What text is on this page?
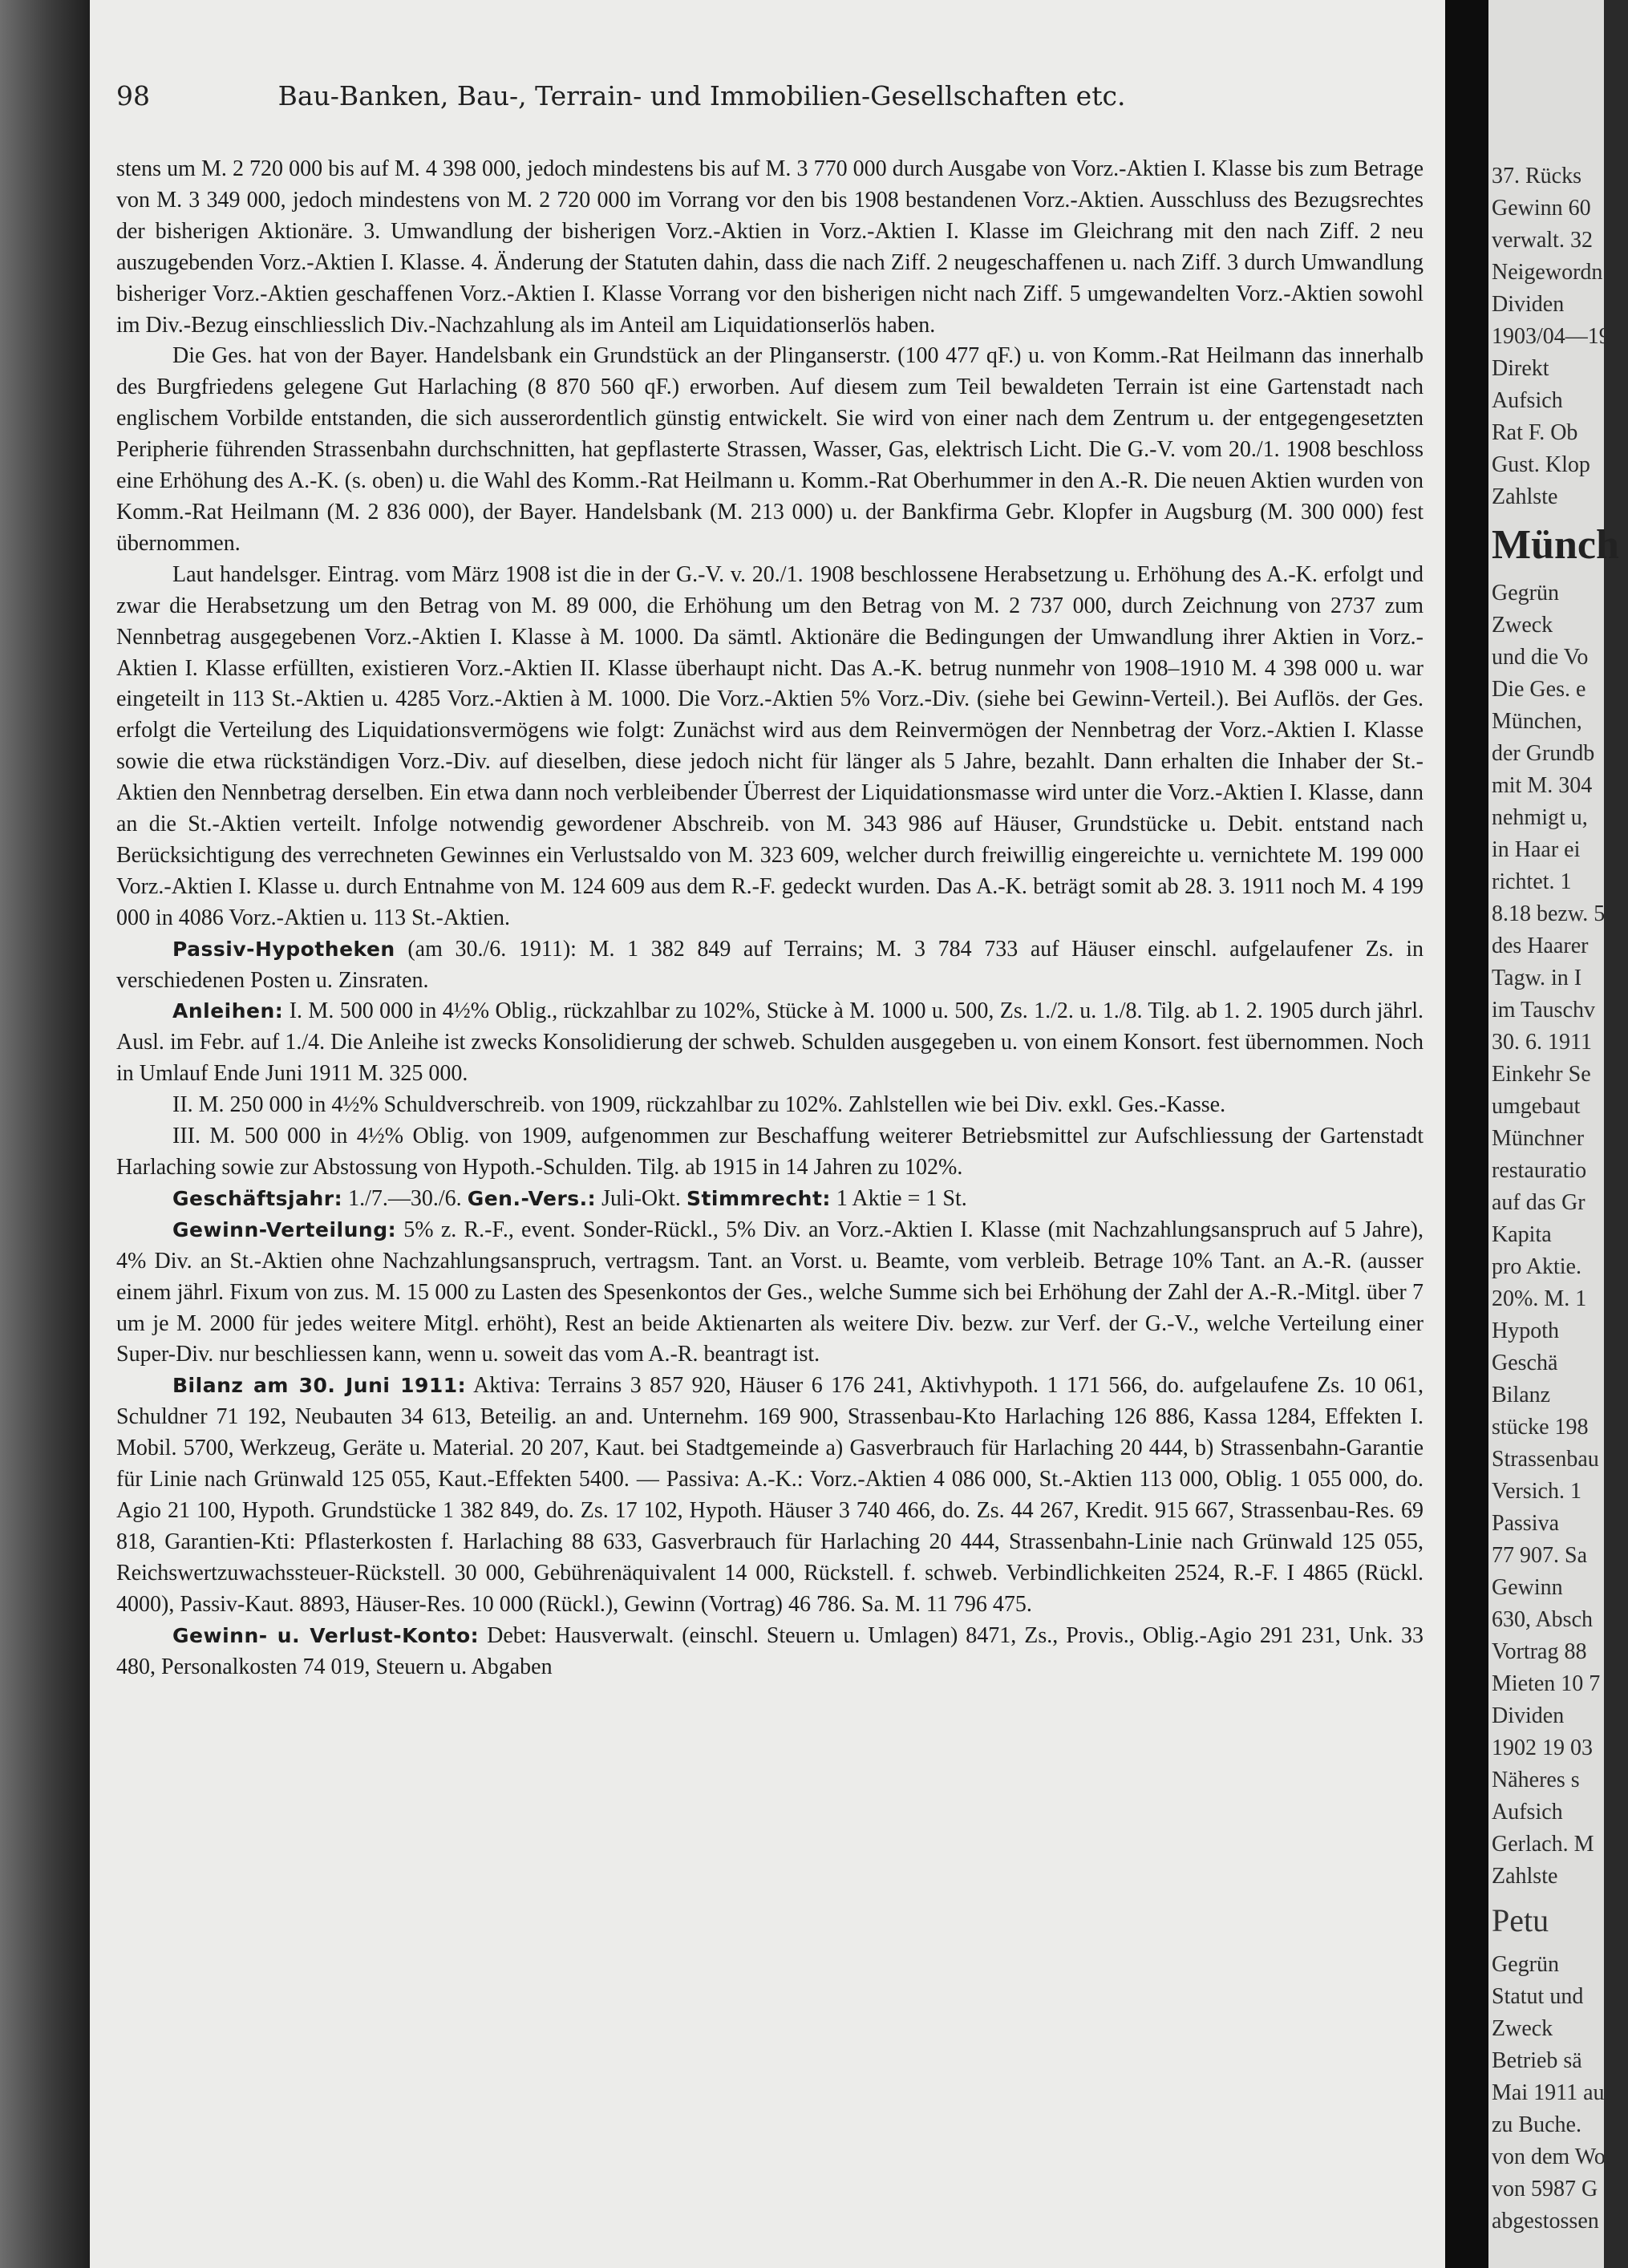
98	Bau-Banken, Bau-, Terrain- und Immobilien-Gesellschaften etc.

stens um M. 2 720 000 bis auf M. 4 398 000, jedoch mindestens bis auf M. 3 770 000 durch Ausgabe von Vorz.-Aktien I. Klasse bis zum Betrage von M. 3 349 000, jedoch mindestens von M. 2 720 000 im Vorrang vor den bis 1908 bestandenen Vorz.-Aktien. Ausschluss des Bezugsrechtes der bisherigen Aktionäre. 3. Umwandlung der bisherigen Vorz.-Aktien in Vorz.-Aktien I. Klasse im Gleichrang mit den nach Ziff. 2 neu auszugebenden Vorz.-Aktien I. Klasse. 4. Änderung der Statuten dahin, dass die nach Ziff. 2 neugeschaffenen u. nach Ziff. 3 durch Umwandlung bisheriger Vorz.-Aktien geschaffenen Vorz.-Aktien I. Klasse Vorrang vor den bisherigen nicht nach Ziff. 5 umgewandelten Vorz.-Aktien sowohl im Div.-Bezug einschliesslich Div.-Nachzahlung als im Anteil am Liquidationserlös haben.

Die Ges. hat von der Bayer. Handelsbank ein Grundstück an der Plinganserstr. (100 477 qF.) u. von Komm.-Rat Heilmann das innerhalb des Burgfriedens gelegene Gut Harlaching (8 870 560 qF.) erworben. Auf diesem zum Teil bewaldeten Terrain ist eine Gartenstadt nach englischem Vorbilde entstanden, die sich ausserordentlich günstig entwickelt. Sie wird von einer nach dem Zentrum u. der entgegengesetzten Peripherie führenden Strassenbahn durchschnitten, hat gepflasterte Strassen, Wasser, Gas, elektrisch Licht. Die G.-V. vom 20./1. 1908 beschloss eine Erhöhung des A.-K. (s. oben) u. die Wahl des Komm.-Rat Heilmann u. Komm.-Rat Oberhummer in den A.-R. Die neuen Aktien wurden von Komm.-Rat Heilmann (M. 2 836 000), der Bayer. Handelsbank (M. 213 000) u. der Bankfirma Gebr. Klopfer in Augsburg (M. 300 000) fest übernommen.

Laut handelsger. Eintrag. vom März 1908 ist die in der G.-V. v. 20./1. 1908 beschlossene Herabsetzung u. Erhöhung des A.-K. erfolgt und zwar die Herabsetzung um den Betrag von M. 89 000, die Erhöhung um den Betrag von M. 2 737 000, durch Zeichnung von 2737 zum Nennbetrag ausgegebenen Vorz.-Aktien I. Klasse à M. 1000. Da sämtl. Aktionäre die Bedingungen der Umwandlung ihrer Aktien in Vorz.-Aktien I. Klasse erfüllten, existieren Vorz.-Aktien II. Klasse überhaupt nicht. Das A.-K. betrug nunmehr von 1908–1910 M. 4 398 000 u. war eingeteilt in 113 St.-Aktien u. 4285 Vorz.-Aktien à M. 1000. Die Vorz.-Aktien 5% Vorz.-Div. (siehe bei Gewinn-Verteil.). Bei Auflös. der Ges. erfolgt die Verteilung des Liquidationsvermögens wie folgt: Zunächst wird aus dem Reinvermögen der Nennbetrag der Vorz.-Aktien I. Klasse sowie die etwa rückständigen Vorz.-Div. auf dieselben, diese jedoch nicht für länger als 5 Jahre, bezahlt. Dann erhalten die Inhaber der St.-Aktien den Nennbetrag derselben. Ein etwa dann noch verbleibender Überrest der Liquidationsmasse wird unter die Vorz.-Aktien I. Klasse, dann an die St.-Aktien verteilt. Infolge notwendig gewordener Abschreib. von M. 343 986 auf Häuser, Grundstücke u. Debit. entstand nach Berücksichtigung des verrechneten Gewinnes ein Verlustsaldo von M. 323 609, welcher durch freiwillig eingereichte u. vernichtete M. 199 000 Vorz.-Aktien I. Klasse u. durch Entnahme von M. 124 609 aus dem R.-F. gedeckt wurden. Das A.-K. beträgt somit ab 28. 3. 1911 noch M. 4 199 000 in 4086 Vorz.-Aktien u. 113 St.-Aktien.

Passiv-Hypotheken (am 30./6. 1911): M. 1 382 849 auf Terrains; M. 3 784 733 auf Häuser einschl. aufgelaufener Zs. in verschiedenen Posten u. Zinsraten.

Anleihen: I. M. 500 000 in 4½% Oblig., rückzahlbar zu 102%, Stücke à M. 1000 u. 500, Zs. 1./2. u. 1./8. Tilg. ab 1. 2. 1905 durch jährl. Ausl. im Febr. auf 1./4. Die Anleihe ist zwecks Konsolidierung der schweb. Schulden ausgegeben u. von einem Konsort. fest übernommen. Noch in Umlauf Ende Juni 1911 M. 325 000.

II. M. 250 000 in 4½% Schuldverschreib. von 1909, rückzahlbar zu 102%. Zahlstellen wie bei Div. exkl. Ges.-Kasse.

III. M. 500 000 in 4½% Oblig. von 1909, aufgenommen zur Beschaffung weiterer Betriebsmittel zur Aufschliessung der Gartenstadt Harlaching sowie zur Abstossung von Hypoth.-Schulden. Tilg. ab 1915 in 14 Jahren zu 102%.

Geschäftsjahr: 1./7.—30./6. Gen.-Vers.: Juli-Okt. Stimmrecht: 1 Aktie = 1 St.

Gewinn-Verteilung: 5% z. R.-F., event. Sonder-Rückl., 5% Div. an Vorz.-Aktien I. Klasse (mit Nachzahlungsanspruch auf 5 Jahre), 4% Div. an St.-Aktien ohne Nachzahlungsanspruch, vertragsm. Tant. an Vorst. u. Beamte, vom verbleib. Betrage 10% Tant. an A.-R. (ausser einem jährl. Fixum von zus. M. 15 000 zu Lasten des Spesenkontos der Ges., welche Summe sich bei Erhöhung der Zahl der A.-R.-Mitgl. über 7 um je M. 2000 für jedes weitere Mitgl. erhöht), Rest an beide Aktienarten als weitere Div. bezw. zur Verf. der G.-V., welche Verteilung einer Super-Div. nur beschliessen kann, wenn u. soweit das vom A.-R. beantragt ist.

Bilanz am 30. Juni 1911: Aktiva: Terrains 3 857 920, Häuser 6 176 241, Aktivhypoth. 1 171 566, do. aufgelaufene Zs. 10 061, Schuldner 71 192, Neubauten 34 613, Beteilig. an and. Unternehm. 169 900, Strassenbau-Kto Harlaching 126 886, Kassa 1284, Effekten I. Mobil. 5700, Werkzeug, Geräte u. Material. 20 207, Kaut. bei Stadtgemeinde a) Gasverbrauch für Harlaching 20 444, b) Strassenbahn-Garantie für Linie nach Grünwald 125 055, Kaut.-Effekten 5400. — Passiva: A.-K.: Vorz.-Aktien 4 086 000, St.-Aktien 113 000, Oblig. 1 055 000, do. Agio 21 100, Hypoth. Grundstücke 1 382 849, do. Zs. 17 102, Hypoth. Häuser 3 740 466, do. Zs. 44 267, Kredit. 915 667, Strassenbau-Res. 69 818, Garantien-Kti: Pflasterkosten f. Harlaching 88 633, Gasverbrauch für Harlaching 20 444, Strassenbahn-Linie nach Grünwald 125 055, Reichswertzuwachssteuer-Rückstell. 30 000, Gebührenäquivalent 14 000, Rückstell. f. schweb. Verbindlichkeiten 2524, R.-F. I 4865 (Rückl. 4000), Passiv-Kaut. 8893, Häuser-Res. 10 000 (Rückl.), Gewinn (Vortrag) 46 786. Sa. M. 11 796 475.

Gewinn- u. Verlust-Konto: Debet: Hausverwalt. (einschl. Steuern u. Umlagen) 8471, Zs., Provis., Oblig.-Agio 291 231, Unk. 33 480, Personalkosten 74 019, Steuern u. Abgaben

37. Rücks
Gewinn 60
verwalt. 32
Neigewordn
Dividen
1903/04—19
Direkt
Aufsich
Rat F. Ob
Gust. Klop
Zahlste
Münch
Gegrün
Zweck
und die Vo
Die Ges. e
München,
der Grundb
mit M. 304
nehmigt u,
in Haar ei
richtet. 1
8.18 bezw. 5
des Haarer
Tagw. in I
im Tauschv
30. 6. 1911
Einkehr Se
umgebaut
Münchner
restauratio
auf das Gr
Kapita
pro Aktie.
20%. M. 1
Hypoth
Geschä
Bilanz
stücke 198
Strassenbau
Versich. 1
Passiva
77 907. Sa
Gewinn
630, Absch
Vortrag 88
Mieten 10 7
Dividen
1902 19 03
Näheres s
Aufsich
Gerlach. M
Zahlste
Petu
Gegrün
Statut und
Zweck
Betrieb sä
Mai 1911 au
zu Buche.
von dem Wo
von 5987 G
abgestossen
